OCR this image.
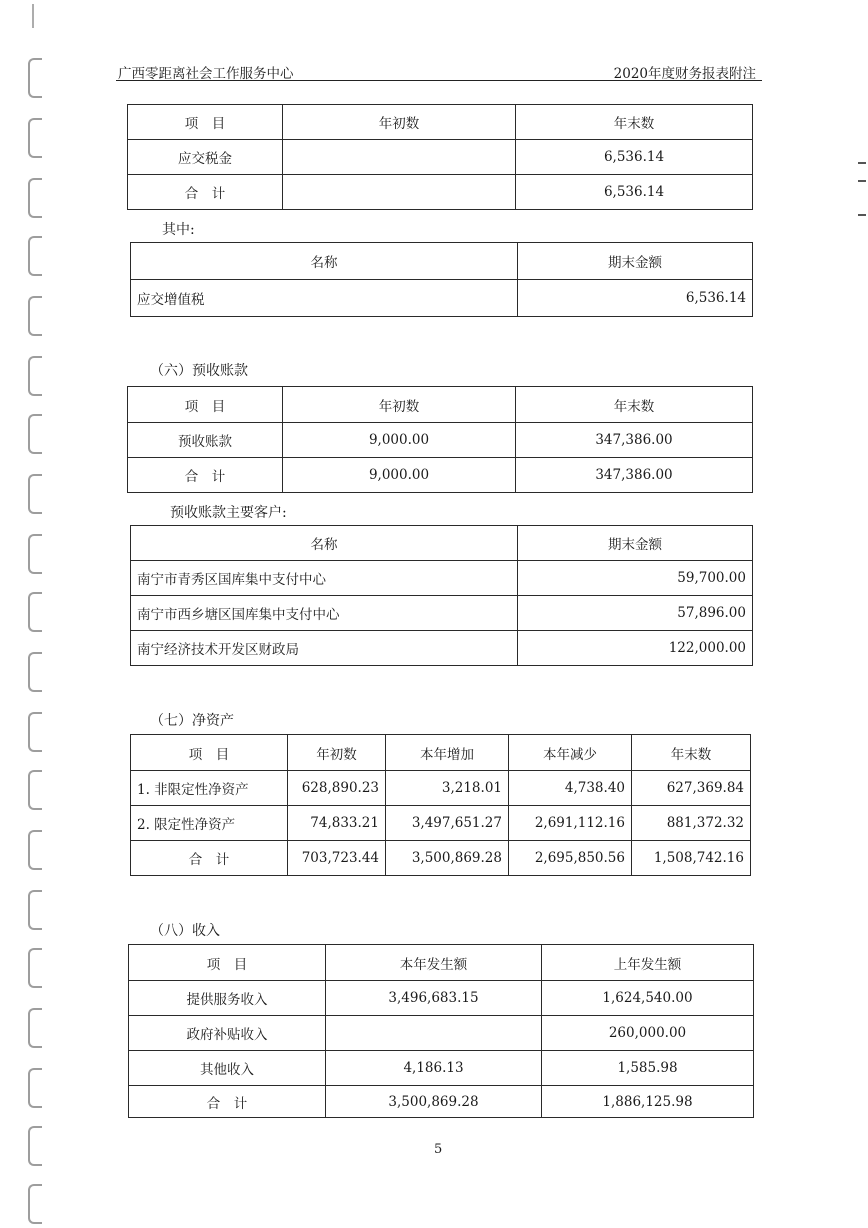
广西零距离社会工作服务中心	2020年度财务报表附注
项　目	年初数	年末数
应交税金		6,536.14
合　计		6,536.14
其中:
名称	期末金额
应交增值税	6,536.14
（六）预收账款
项　目	年初数	年末数
预收账款	9,000.00	347,386.00
合　计	9,000.00	347,386.00
预收账款主要客户:
名称	期末金额
南宁市青秀区国库集中支付中心	59,700.00
南宁市西乡塘区国库集中支付中心	57,896.00
南宁经济技术开发区财政局	122,000.00
（七）净资产
项　目	年初数	本年增加	本年减少	年末数
1. 非限定性净资产	628,890.23	3,218.01	4,738.40	627,369.84
2. 限定性净资产	74,833.21	3,497,651.27	2,691,112.16	881,372.32
合　计	703,723.44	3,500,869.28	2,695,850.56	1,508,742.16
（八）收入
项　目	本年发生额	上年发生额
提供服务收入	3,496,683.15	1,624,540.00
政府补贴收入		260,000.00
其他收入	4,186.13	1,585.98
合　计	3,500,869.28	1,886,125.98
5
